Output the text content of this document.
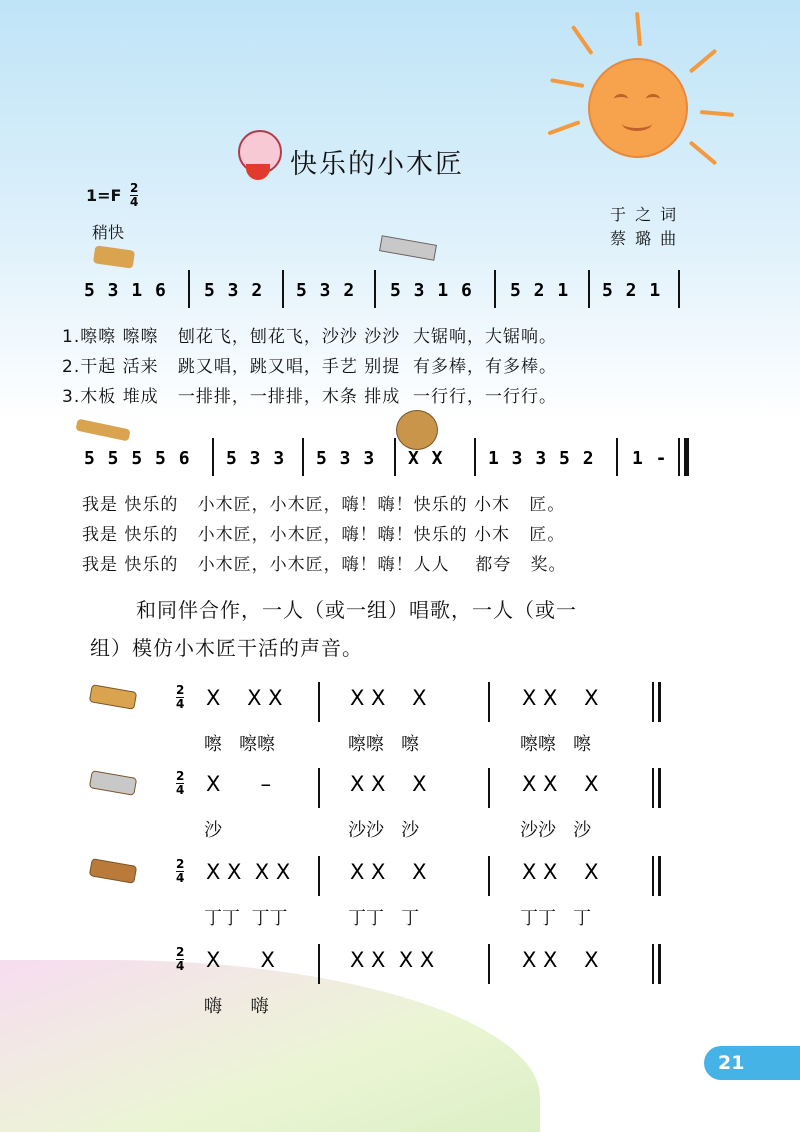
快乐的小木匠
1=F 2
4
稍快
于 之 词
蔡 璐 曲
5 3 1 6 5 3 2 5 3 2 5 3 1 6 5 2 1 5 2 1
1.嚓嚓 嚓嚓   刨花飞，刨花飞，沙沙 沙沙  大锯响，大锯响。
2.干起 活来   跳又唱，跳又唱，手艺 别提  有多棒，有多棒。
3.木板 堆成   一排排，一排排，木条 排成  一行行，一行行。
5 5 5 5 6 5 3 3 5 3 3 X X 1 3 3 5 2 1 -
我是 快乐的   小木匠，小木匠，嗨！嗨！快乐的 小木   匠。
我是 快乐的   小木匠，小木匠，嗨！嗨！快乐的 小木   匠。
我是 快乐的   小木匠，小木匠，嗨！嗨！人人    都夸   奖。
和同伴合作，一人（或一组）唱歌，一人（或一
组）模仿小木匠干活的声音。
2
4 X    X X	X X    X	X X    X
嚓   嚓嚓	嚓嚓   嚓	嚓嚓   嚓
2
4 X      –	X X    X	X X    X
沙	沙沙   沙	沙沙   沙
2
4 X X  X X	X X    X	X X    X
丁丁  丁丁	丁丁   丁	丁丁   丁
2
4 X      X	X X  X X	X X    X
嗨     嗨
21
